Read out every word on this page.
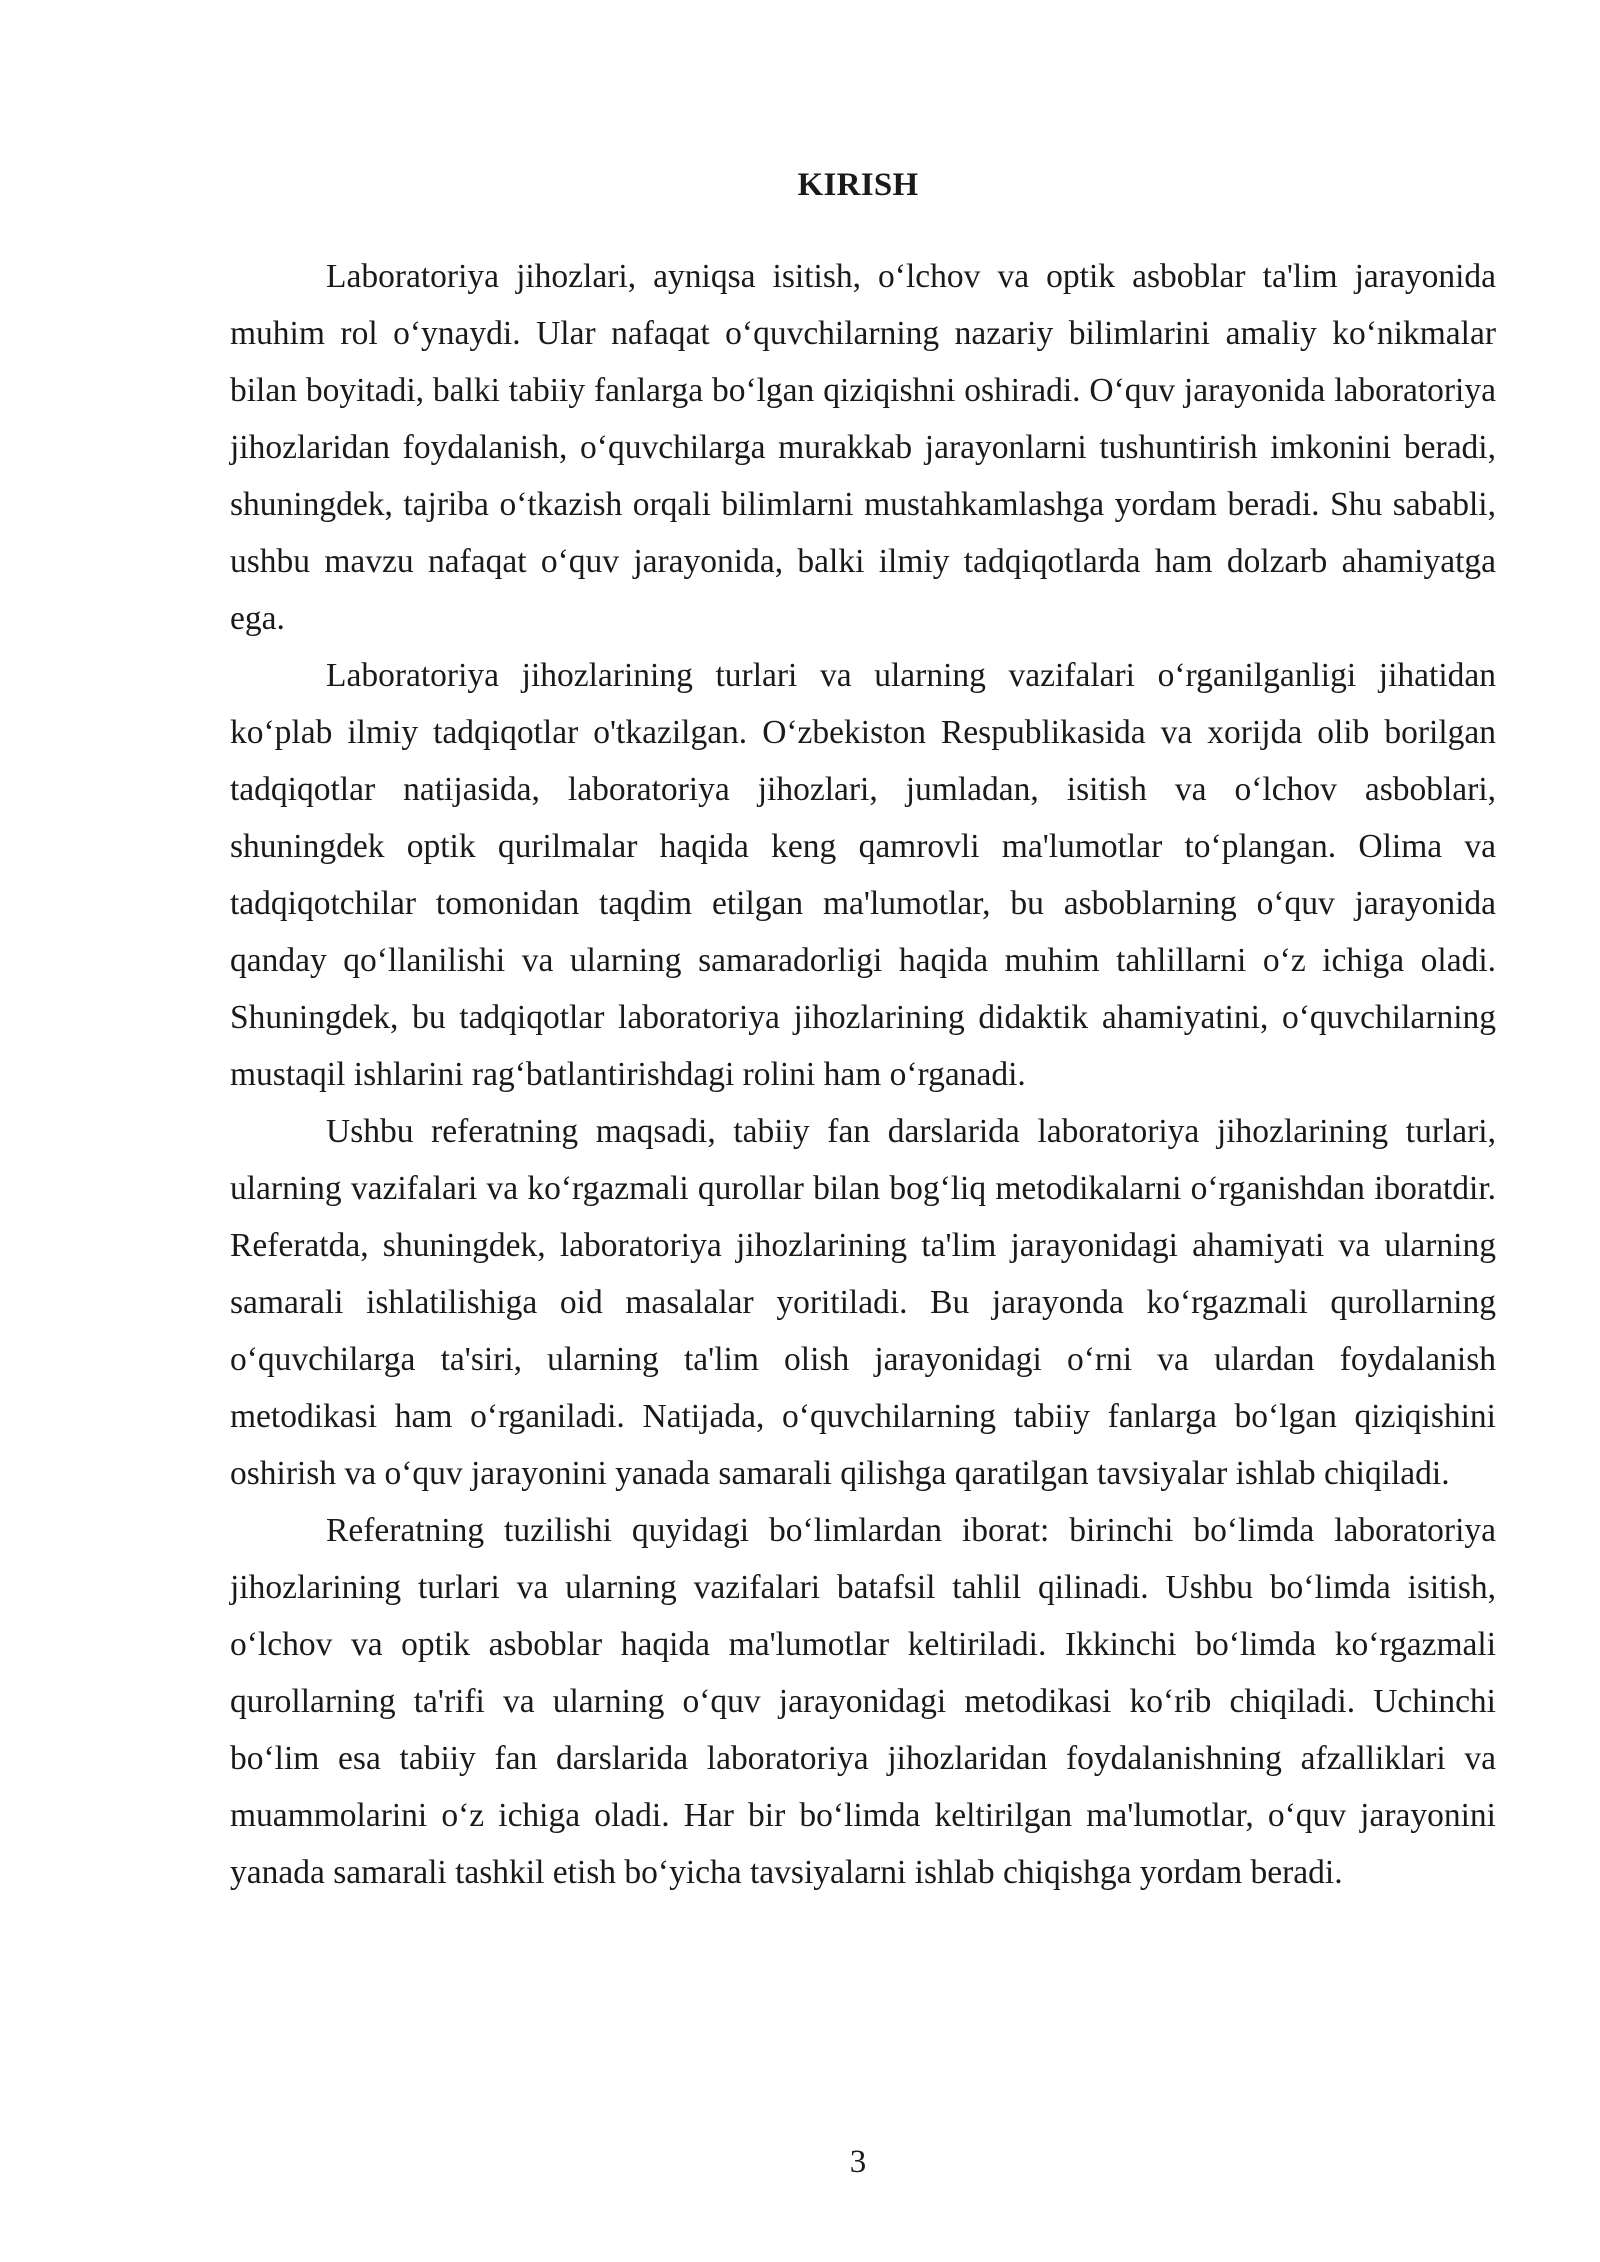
KIRISH

Laboratoriya jihozlari, ayniqsa isitish, o‘lchov va optik asboblar ta'lim jarayonida muhim rol o‘ynaydi. Ular nafaqat o‘quvchilarning nazariy bilimlarini amaliy ko‘nikmalar bilan boyitadi, balki tabiiy fanlarga bo‘lgan qiziqishni oshiradi. O‘quv jarayonida laboratoriya jihozlaridan foydalanish, o‘quvchilarga murakkab jarayonlarni tushuntirish imkonini beradi, shuningdek, tajriba o‘tkazish orqali bilimlarni mustahkamlashga yordam beradi. Shu sababli, ushbu mavzu nafaqat o‘quv jarayonida, balki ilmiy tadqiqotlarda ham dolzarb ahamiyatga ega.

Laboratoriya jihozlarining turlari va ularning vazifalari o‘rganilganligi jihatidan ko‘plab ilmiy tadqiqotlar o'tkazilgan. O‘zbekiston Respublikasida va xorijda olib borilgan tadqiqotlar natijasida, laboratoriya jihozlari, jumladan, isitish va o‘lchov asboblari, shuningdek optik qurilmalar haqida keng qamrovli ma'lumotlar to‘plangan. Olima va tadqiqotchilar tomonidan taqdim etilgan ma'lumotlar, bu asboblarning o‘quv jarayonida qanday qo‘llanilishi va ularning samaradorligi haqida muhim tahlillarni o‘z ichiga oladi. Shuningdek, bu tadqiqotlar laboratoriya jihozlarining didaktik ahamiyatini, o‘quvchilarning mustaqil ishlarini rag‘batlantirishdagi rolini ham o‘rganadi.

Ushbu referatning maqsadi, tabiiy fan darslarida laboratoriya jihozlarining turlari, ularning vazifalari va ko‘rgazmali qurollar bilan bog‘liq metodikalarni o‘rganishdan iboratdir. Referatda, shuningdek, laboratoriya jihozlarining ta'lim jarayonidagi ahamiyati va ularning samarali ishlatilishiga oid masalalar yoritiladi. Bu jarayonda ko‘rgazmali qurollarning o‘quvchilarga ta'siri, ularning ta'lim olish jarayonidagi o‘rni va ulardan foydalanish metodikasi ham o‘rganiladi. Natijada, o‘quvchilarning tabiiy fanlarga bo‘lgan qiziqishini oshirish va o‘quv jarayonini yanada samarali qilishga qaratilgan tavsiyalar ishlab chiqiladi.

Referatning tuzilishi quyidagi bo‘limlardan iborat: birinchi bo‘limda laboratoriya jihozlarining turlari va ularning vazifalari batafsil tahlil qilinadi. Ushbu bo‘limda isitish, o‘lchov va optik asboblar haqida ma'lumotlar keltiriladi. Ikkinchi bo‘limda ko‘rgazmali qurollarning ta'rifi va ularning o‘quv jarayonidagi metodikasi ko‘rib chiqiladi. Uchinchi bo‘lim esa tabiiy fan darslarida laboratoriya jihozlaridan foydalanishning afzalliklari va muammolarini o‘z ichiga oladi. Har bir bo‘limda keltirilgan ma'lumotlar, o‘quv jarayonini yanada samarali tashkil etish bo‘yicha tavsiyalarni ishlab chiqishga yordam beradi.

3
